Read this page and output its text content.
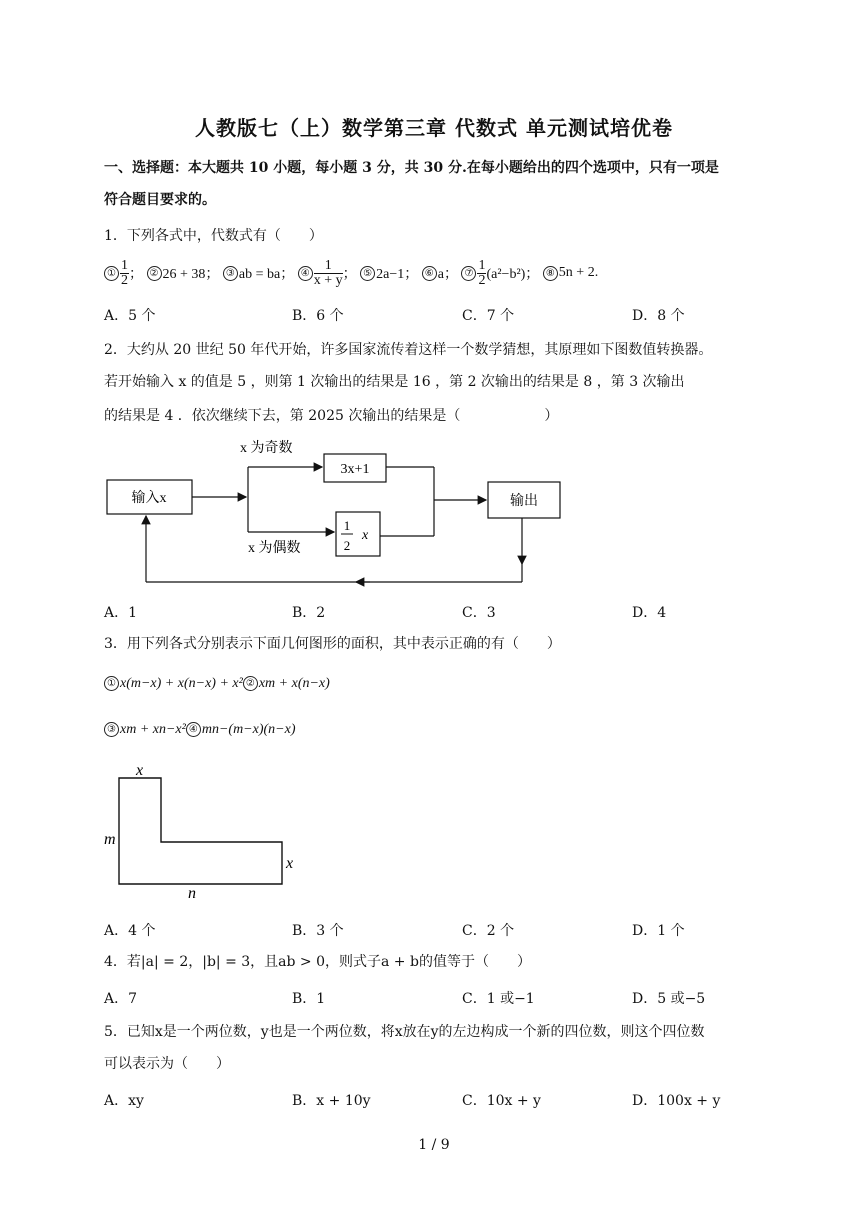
人教版七（上）数学第三章 代数式 单元测试培优卷
一、选择题：本大题共 10 小题，每小题 3 分，共 30 分.在每小题给出的四个选项中，只有一项是
符合题目要求的。
1．下列各式中，代数式有（　　）
① $\frac{1}{2}$ ；
② 26 + 38；
③ ab = ba；
④ $\frac{1}{x + y}$ ；
⑤ 2a−1；
⑥ a；
⑦ $\frac{1}{2} (a^2-b^2)$；
⑧ 5n + 2.
A．5 个	B．6 个	C．7 个	D．8 个
2．大约从 20 世纪 50 年代开始，许多国家流传着这样一个数学猜想，其原理如下图数值转换器。
若开始输入 x 的值是 5 ，则第 1 次输出的结果是 16 ，第 2 次输出的结果是 8 ，第 3 次输出
的结果是 4 ．依次继续下去，第 2025 次输出的结果是（　　　　　　）
输入x
x 为奇数
3x+1
x 为偶数
1
2
x
输出
A．1	B．2	C．3	D．4
3．用下列各式分别表示下面几何图形的面积，其中表示正确的有（　　）
① x(m−x) + x(n−x) + x² ② xm + x(n−x)
③ xm + xn−x² ④ mn−(m−x)(n−x)
x
m
x
n
A．4 个	B．3 个	C．2 个	D．1 个
4．若|a| = 2，|b| = 3，且ab > 0，则式子a + b的值等于（　　）
A．7	B．1	C．1 或−1	D．5 或−5
5．已知x是一个两位数，y也是一个两位数，将x放在y的左边构成一个新的四位数，则这个四位数
可以表示为（　　）
A．xy	B．x + 10y	C．10x + y	D．100x + y
1 / 9
